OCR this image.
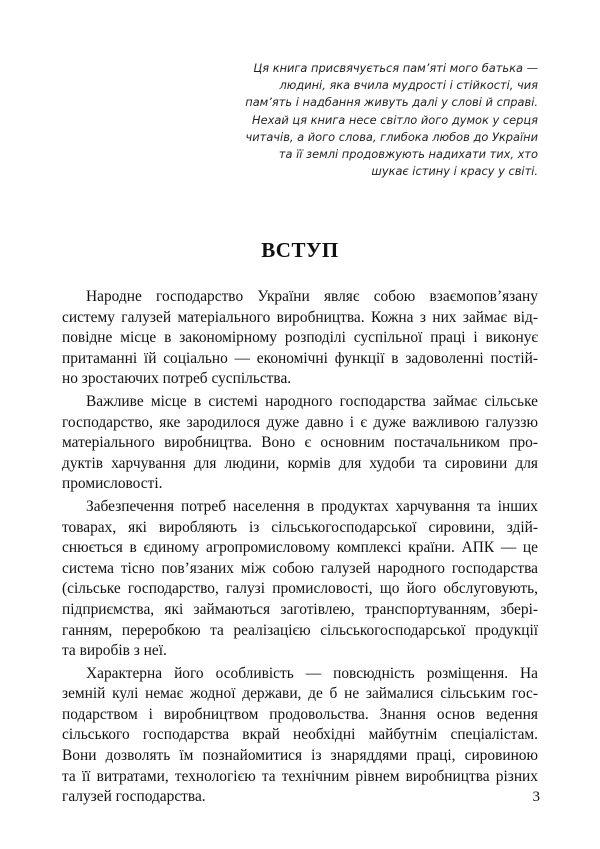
Ця книга присвячується пам’яті мого батька —
людині, яка вчила мудрості і стійкості, чия
пам’ять і надбання живуть далі у слові й справі.
Нехай ця книга несе світло його думок у серця
читачів, а його слова, глибока любов до України
та її землі продовжують надихати тих, хто
шукає істину і красу у світі.
ВСТУП
Народне господарство України являє собою взаємопов’язану
систему галузей матеріального виробництва. Кожна з них займає від-
повідне місце в закономірному розподілі суспільної праці і виконує
притаманні їй соціально — економічні функції в задоволенні постій-
но зростаючих потреб суспільства.
Важливе місце в системі народного господарства займає сільське
господарство, яке зародилося дуже давно і є дуже важливою галуззю
матеріального виробництва. Воно є основним постачальником про-
дуктів харчування для людини, кормів для худоби та сировини для
промисловості.
Забезпечення потреб населення в продуктах харчування та інших
товарах, які виробляють із сільськогосподарської сировини, здій-
снюється в єдиному агропромисловому комплексі країни. АПК — це
система тісно пов’язаних між собою галузей народного господарства
(сільське господарство, галузі промисловості, що його обслуговують,
підприємства, які займаються заготівлею, транспортуванням, зберi-
ганням, переробкою та реалізацією сільськогосподарської продукції
та виробів з неї.
Характерна його особливість — повсюдність розміщення. На
земній кулі немає жодної держави, де б не займалися сільським гос-
подарством і виробництвом продовольства. Знання основ ведення
сільського господарства вкрай необхідні майбутнім спеціалістам.
Вони дозволять їм познайомитися із знаряддями праці, сировиною
та її витратами, технологією та технічним рівнем виробництва різних
галузей господарства.	3
